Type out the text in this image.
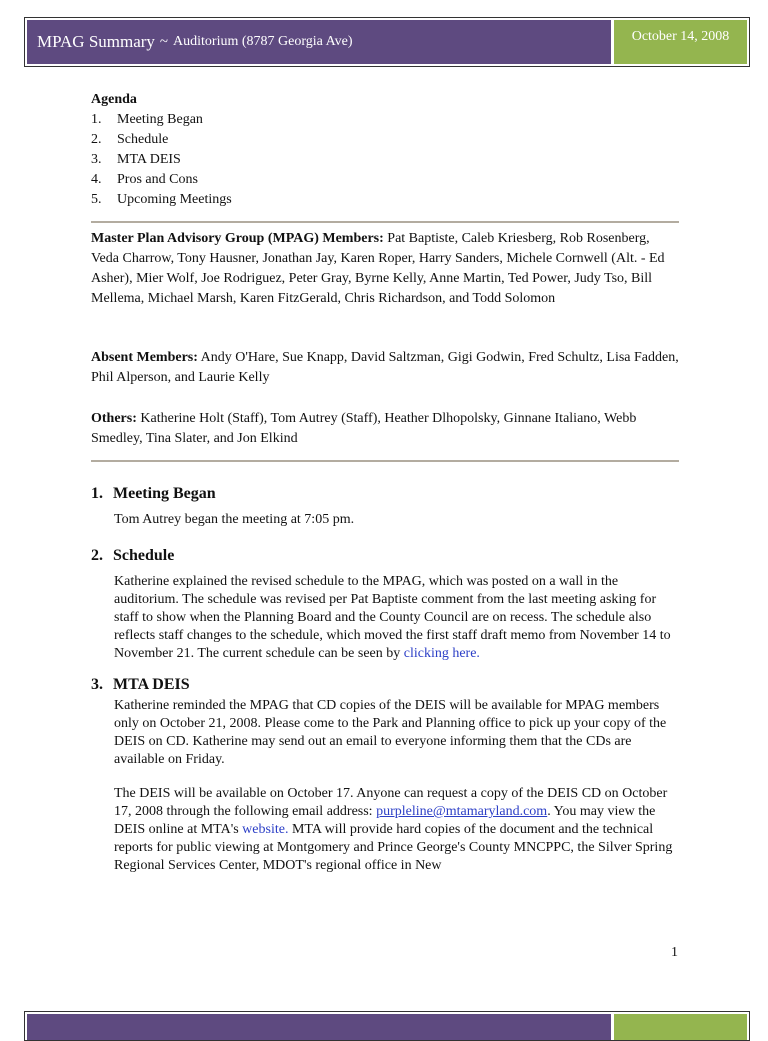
MPAG Summary ~ Auditorium (8787 Georgia Ave)	October 14, 2008
Agenda
1.	Meeting Began
2.	Schedule
3.	MTA DEIS
4.	Pros and Cons
5.	Upcoming Meetings

Master Plan Advisory Group (MPAG) Members: Pat Baptiste, Caleb Kriesberg, Rob Rosenberg, Veda Charrow, Tony Hausner, Jonathan Jay, Karen Roper, Harry Sanders, Michele Cornwell (Alt. - Ed Asher), Mier Wolf, Joe Rodriguez, Peter Gray, Byrne Kelly, Anne Martin, Ted Power, Judy Tso, Bill Mellema, Michael Marsh, Karen FitzGerald, Chris Richardson, and Todd Solomon

Absent Members: Andy O'Hare, Sue Knapp, David Saltzman, Gigi Godwin, Fred Schultz, Lisa Fadden, Phil Alperson, and Laurie Kelly

Others: Katherine Holt (Staff), Tom Autrey (Staff), Heather Dlhopolsky, Ginnane Italiano, Webb Smedley, Tina Slater, and Jon Elkind

1. Meeting Began

Tom Autrey began the meeting at 7:05 pm.

2. Schedule

Katherine explained the revised schedule to the MPAG, which was posted on a wall in the auditorium. The schedule was revised per Pat Baptiste comment from the last meeting asking for staff to show when the Planning Board and the County Council are on recess. The schedule also reflects staff changes to the schedule, which moved the first staff draft memo from November 14 to November 21. The current schedule can be seen by clicking here.

3. MTA DEIS

Katherine reminded the MPAG that CD copies of the DEIS will be available for MPAG members only on October 21, 2008. Please come to the Park and Planning office to pick up your copy of the DEIS on CD. Katherine may send out an email to everyone informing them that the CDs are available on Friday.

The DEIS will be available on October 17. Anyone can request a copy of the DEIS CD on October 17, 2008 through the following email address: purpleline@mtamaryland.com. You may view the DEIS online at MTA's website. MTA will provide hard copies of the document and the technical reports for public viewing at Montgomery and Prince George's County MNCPPC, the Silver Spring Regional Services Center, MDOT's regional office in New

1
